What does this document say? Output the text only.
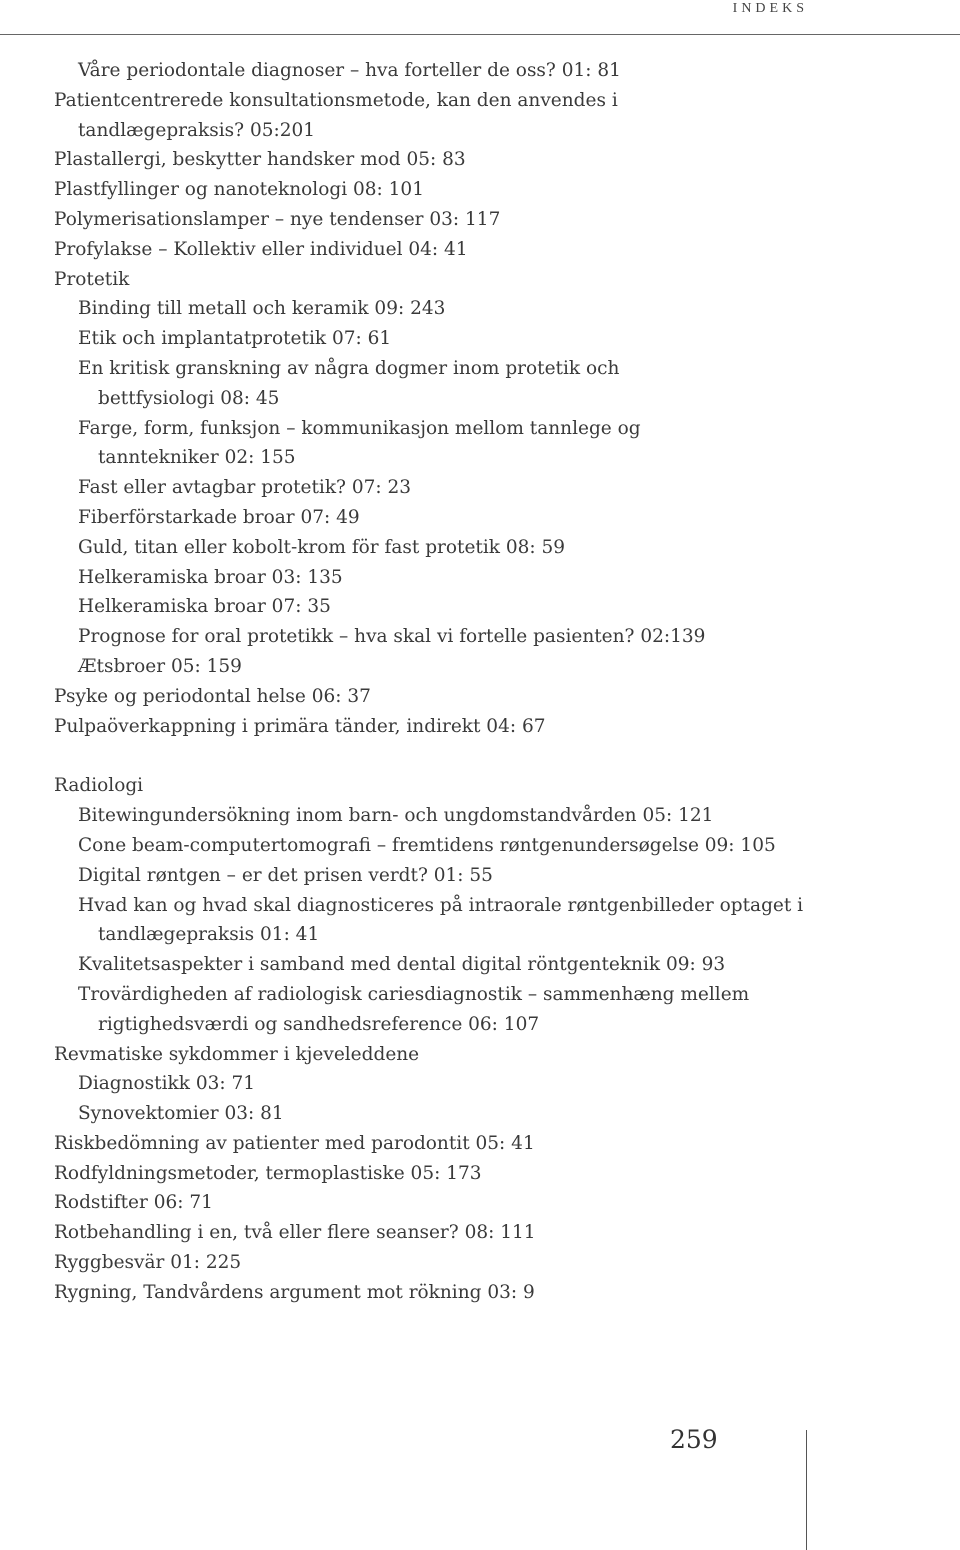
INDEKS
Våre periodontale diagnoser – hva forteller de oss? 01: 81
Patientcentrerede konsultationsmetode, kan den anvendes i
tandlægepraksis? 05:201
Plastallergi, beskytter handsker mod 05: 83
Plastfyllinger og nanoteknologi 08: 101
Polymerisationslamper – nye tendenser 03: 117
Profylakse – Kollektiv eller individuel 04: 41
Protetik
Binding till metall och keramik 09: 243
Etik och implantatprotetik 07: 61
En kritisk granskning av några dogmer inom protetik och
bettfysiologi 08: 45
Farge, form, funksjon – kommunikasjon mellom tannlege og
tanntekniker 02: 155
Fast eller avtagbar protetik? 07: 23
Fiberförstarkade broar 07: 49
Guld, titan eller kobolt-krom för fast protetik 08: 59
Helkeramiska broar 03: 135
Helkeramiska broar 07: 35
Prognose for oral protetikk – hva skal vi fortelle pasienten? 02:139
Ætsbroer 05: 159
Psyke og periodontal helse 06: 37
Pulpaöverkappning i primära tänder, indirekt 04: 67
Radiologi
Bitewingundersökning inom barn- och ungdomstandvården 05: 121
Cone beam-computertomografi – fremtidens røntgenundersøgelse 09: 105
Digital røntgen – er det prisen verdt? 01: 55
Hvad kan og hvad skal diagnosticeres på intraorale røntgenbilleder optaget i
tandlægepraksis 01: 41
Kvalitetsaspekter i samband med dental digital röntgenteknik 09: 93
Trovärdigheden af radiologisk cariesdiagnostik – sammenhæng mellem
rigtighedsværdi og sandhedsreference 06: 107
Revmatiske sykdommer i kjeveleddene
Diagnostikk 03: 71
Synovektomier 03: 81
Riskbedömning av patienter med parodontit 05: 41
Rodfyldningsmetoder, termoplastiske 05: 173
Rodstifter 06: 71
Rotbehandling i en, två eller flere seanser? 08: 111
Ryggbesvär 01: 225
Rygning, Tandvårdens argument mot rökning 03: 9
259
